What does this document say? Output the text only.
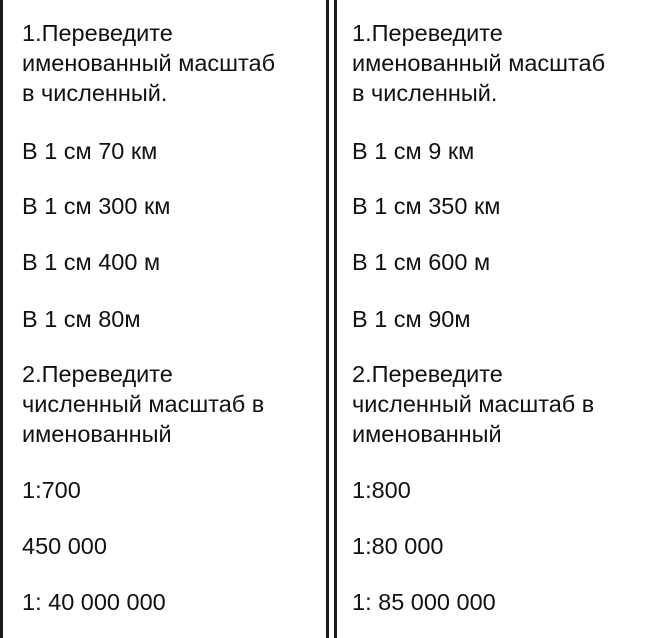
1.Переведите

именованный масштаб

в численный.

В 1 см 70 км

В 1 см 300 км

В 1 см 400 м

В 1 см 80м

2.Переведите

численный масштаб в

именованный

1:700

450 000

1: 40 000 000

1.Переведите

именованный масштаб

в численный.

В 1 см 9 км

В 1 см 350 км

В 1 см 600 м

В 1 см 90м

2.Переведите

численный масштаб в

именованный

1:800

1:80 000

1: 85 000 000
